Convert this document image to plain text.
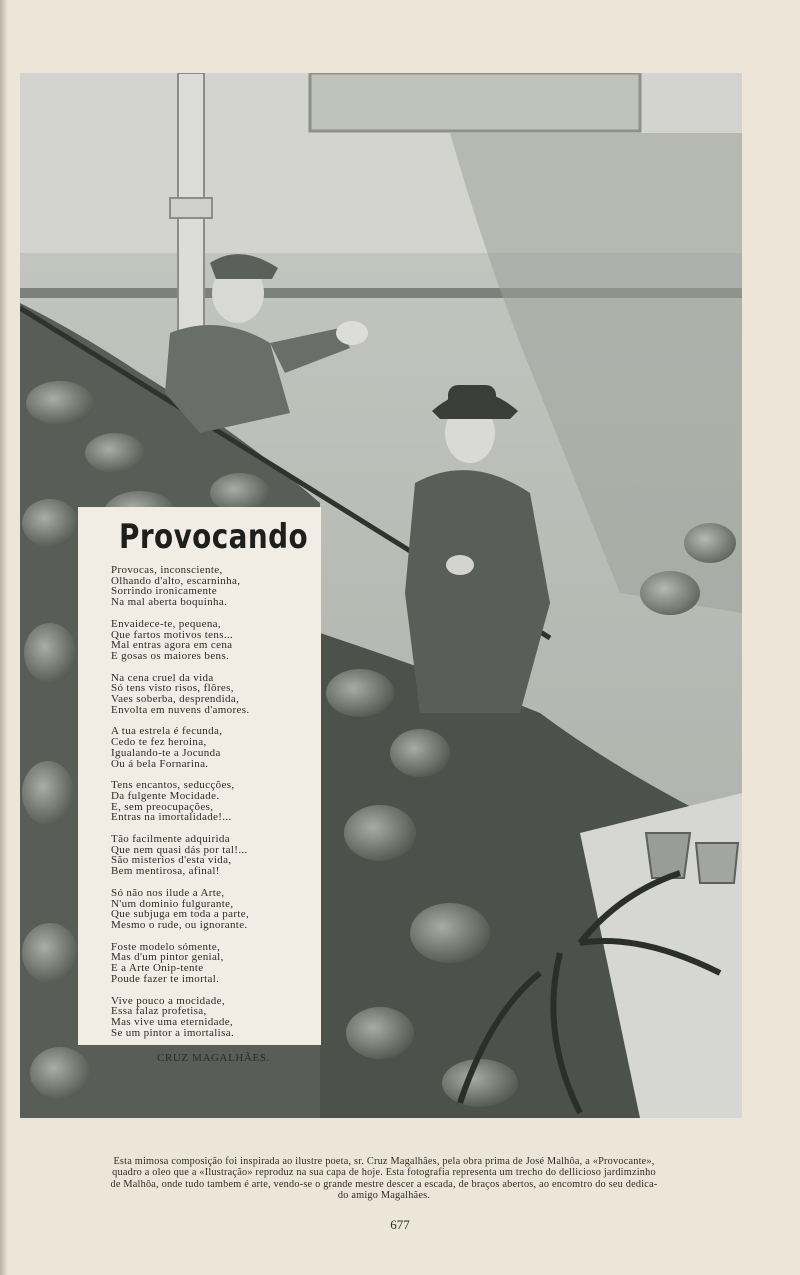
Provocando
Provocas, inconsciente,
Olhando d'alto, escarninha,
Sorrindo ironicamente
Na mal aberta boquinha.
Envaidece-te, pequena,
Que fartos motivos tens...
Mal entras agora em cena
E gosas os maiores bens.
Na cena cruel da vida
Só tens visto risos, flôres,
Vaes soberba, desprendida,
Envolta em nuvens d'amores.
A tua estrela é fecunda,
Cedo te fez heroina,
Igualando-te a Jocunda
Ou á bela Fornarina.
Tens encantos, seducções,
Da fulgente Mocidade.
E, sem preocupações,
Entras na imortalidade!...
Tão facilmente adquirida
Que nem quasi dás por tal!...
São misterios d'esta vida,
Bem mentirosa, afinal!
Só não nos ilude a Arte,
N'um dominio fulgurante,
Que subjuga em toda a parte,
Mesmo o rude, ou ignorante.
Foste modelo sómente,
Mas d'um pintor genial,
E a Arte Onip-tente
Poude fazer te imortal.
Vive pouco a mocidade,
Essa falaz profetisa,
Mas vive uma eternidade,
Se um pintor a imortalisa.
CRUZ MAGALHÃES.
Esta mimosa composição foi inspirada ao ilustre poeta, sr. Cruz Magalhães, pela obra prima de José Malhôa, a «Provocante»,
quadro a oleo que a «Ilustração» reproduz na sua capa de hoje. Esta fotografia representa um trecho do dellicioso jardimzinho
de Malhôa, onde tudo tambem é arte, vendo-se o grande mestre descer a escada, de braços abertos, ao encomtro do seu dedica-
do amigo Magalhães.
677
